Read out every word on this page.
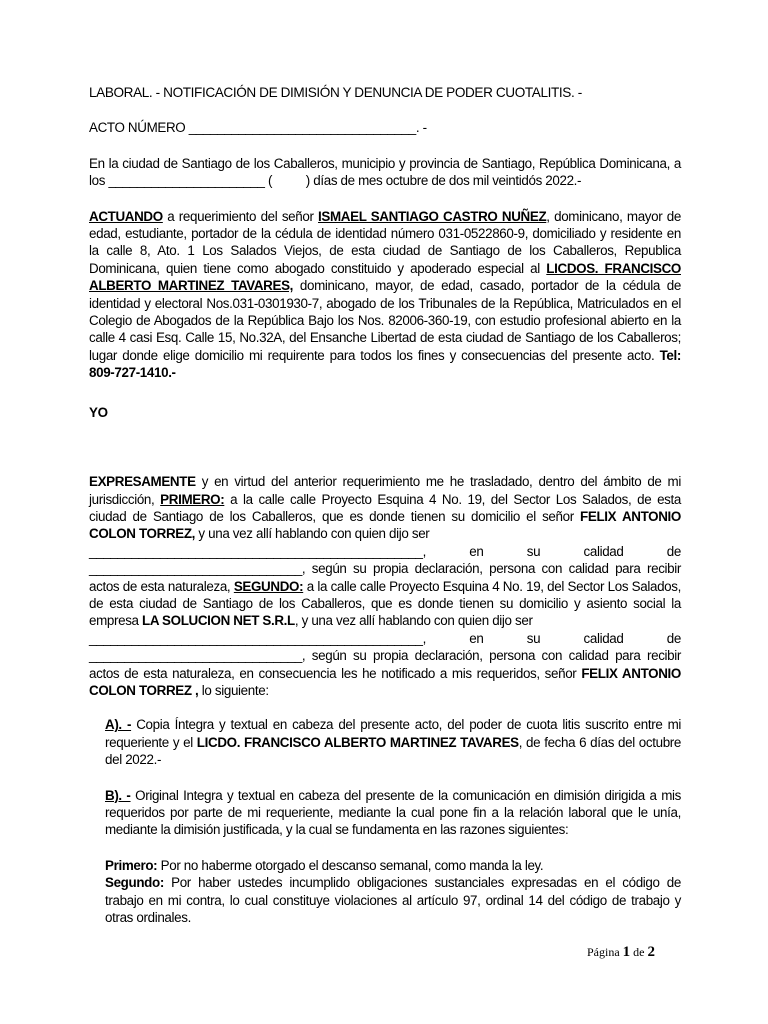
LABORAL. - NOTIFICACIÓN DE DIMISIÓN Y DENUNCIA DE PODER CUOTALITIS. -

ACTO NÚMERO ________________________________. -

En la ciudad de Santiago de los Caballeros, municipio y provincia de Santiago, República Dominicana, a los ______________________ (          ) días de mes octubre de dos mil veintidós 2022.-

ACTUANDO a requerimiento del señor ISMAEL SANTIAGO CASTRO NUÑEZ, dominicano, mayor de edad, estudiante, portador de la cédula de identidad número 031-0522860-9, domiciliado y residente en la calle 8, Ato. 1 Los Salados Viejos, de esta ciudad de Santiago de los Caballeros, Republica Dominicana, quien tiene como abogado constituido y apoderado especial al LICDOS. FRANCISCO ALBERTO MARTINEZ TAVARES, dominicano, mayor, de edad, casado, portador de la cédula de identidad y electoral Nos.031-0301930-7, abogado de los Tribunales de la República, Matriculados en el Colegio de Abogados de la República Bajo los Nos. 82006-360-19, con estudio profesional abierto en la calle 4 casi Esq. Calle 15, No.32A, del Ensanche Libertad de esta ciudad de Santiago de los Caballeros; lugar donde elige domicilio mi requirente para todos los fines y consecuencias del presente acto. Tel: 809-727-1410.-

YO

EXPRESAMENTE y en virtud del anterior requerimiento me he trasladado, dentro del ámbito de mi jurisdicción, PRIMERO: a la calle calle Proyecto Esquina 4 No. 19, del Sector Los Salados, de esta ciudad de Santiago de los Caballeros, que es donde tienen su domicilio el señor FELIX ANTONIO COLON TORREZ, y una vez allí hablando con quien dijo ser

_______________________________________________, en su calidad de

______________________________, según su propia declaración, persona con calidad para recibir actos de esta naturaleza, SEGUNDO: a la calle calle Proyecto Esquina 4 No. 19, del Sector Los Salados, de esta ciudad de Santiago de los Caballeros, que es donde tienen su domicilio y asiento social la empresa LA SOLUCION NET S.R.L, y una vez allí hablando con quien dijo ser

_______________________________________________, en su calidad de

______________________________, según su propia declaración, persona con calidad para recibir actos de esta naturaleza, en consecuencia les he notificado a mis requeridos, señor FELIX ANTONIO COLON TORREZ , lo siguiente:

A). - Copia Íntegra y textual en cabeza del presente acto, del poder de cuota litis suscrito entre mi requeriente y el LICDO. FRANCISCO ALBERTO MARTINEZ TAVARES, de fecha 6 días del octubre del 2022.-

B). - Original Integra y textual en cabeza del presente de la comunicación en dimisión dirigida a mis requeridos por parte de mi requeriente, mediante la cual pone fin a la relación laboral que le unía, mediante la dimisión justificada, y la cual se fundamenta en las razones siguientes:

Primero: Por no haberme otorgado el descanso semanal, como manda la ley.

Segundo: Por haber ustedes incumplido obligaciones sustanciales expresadas en el código de trabajo en mi contra, lo cual constituye violaciones al artículo 97, ordinal 14 del código de trabajo y otras ordinales.

Página 1 de 2
